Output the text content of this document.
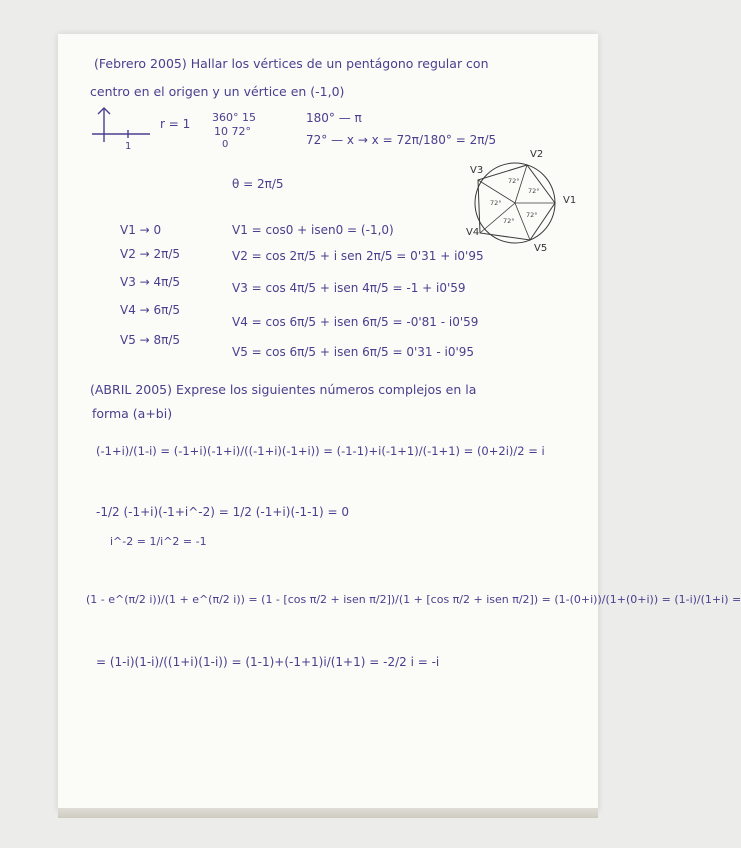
(Febrero 2005) Hallar los vértices de un pentágono regular con
centro en el origen y un vértice en (-1,0)
1
r = 1 360° 15
10 72°
0
180° — π
72° — x → x = 72π/180° = 2π/5
θ = 2π/5
V1
V2
V3
V4
V5
72°
72°
72°
72°
72°
V1 → 0
V2 → 2π/5
V3 → 4π/5
V4 → 6π/5
V5 → 8π/5
V1 = cos0 + isen0 = (-1,0)
V2 = cos 2π/5 + i sen 2π/5 = 0'31 + i0'95
V3 = cos 4π/5 + isen 4π/5 = -1 + i0'59
V4 = cos 6π/5 + isen 6π/5 = -0'81 - i0'59
V5 = cos 6π/5 + isen 6π/5 = 0'31 - i0'95
(ABRIL 2005) Exprese los siguientes números complejos en la
forma (a+bi)
(-1+i)/(1-i) = (-1+i)(-1+i)/((-1+i)(-1+i)) = (-1-1)+i(-1+1)/(-1+1) = (0+2i)/2 = i
-1/2 (-1+i)(-1+i^-2) = 1/2 (-1+i)(-1-1) = 0
i^-2 = 1/i^2 = -1
(1 - e^(π/2 i))/(1 + e^(π/2 i)) = (1 - [cos π/2 + isen π/2])/(1 + [cos π/2 + isen π/2]) = (1-(0+i))/(1+(0+i)) = (1-i)/(1+i) =
= (1-i)(1-i)/((1+i)(1-i)) = (1-1)+(-1+1)i/(1+1) = -2/2 i = -i
